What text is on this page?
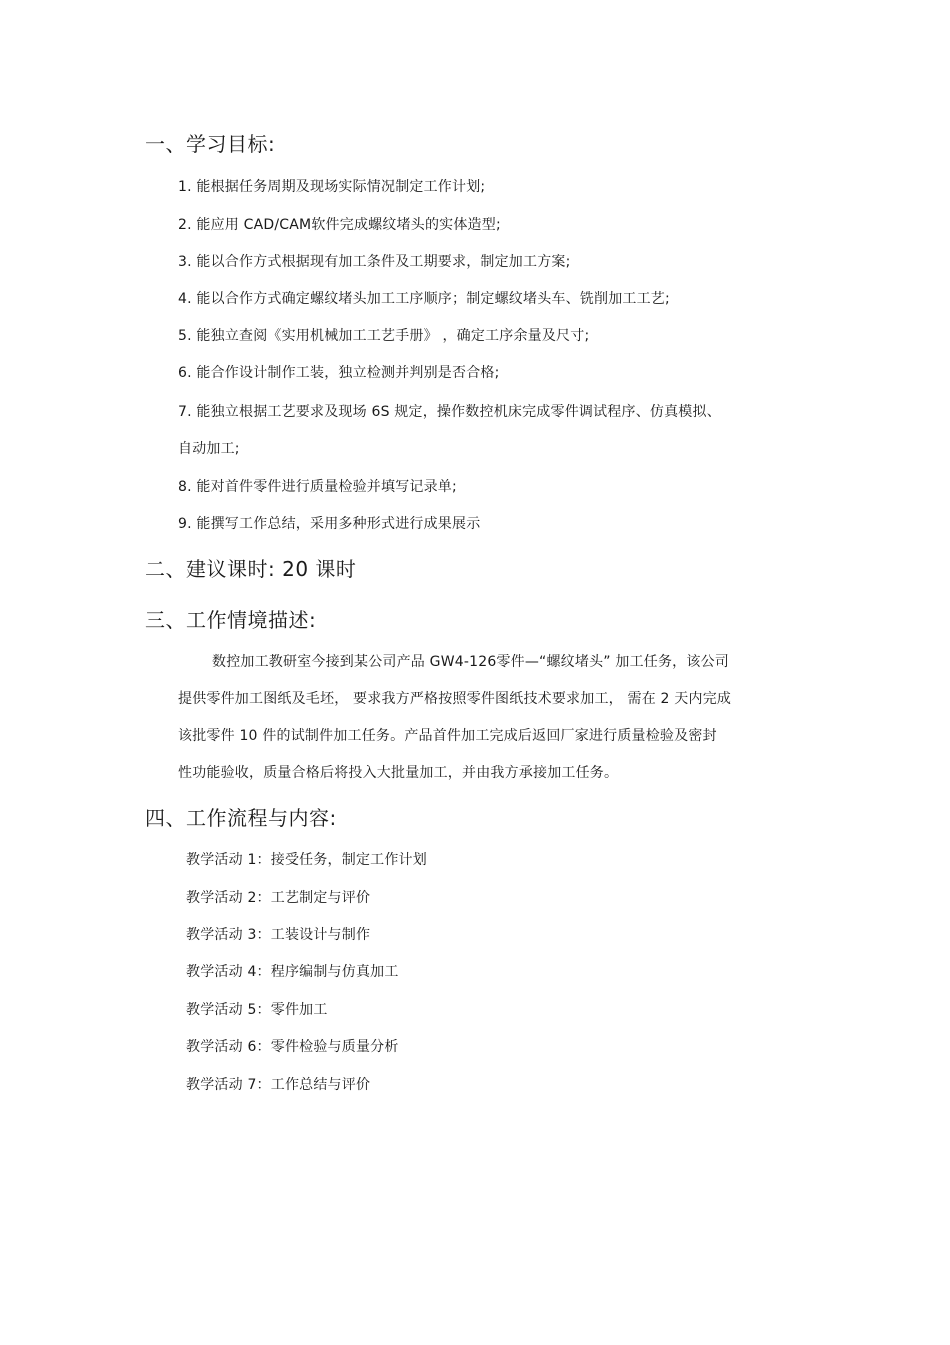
一、学习目标:
1. 能根据任务周期及现场实际情况制定工作计划;
2. 能应用 CAD/CAM软件完成螺纹堵头的实体造型;
3. 能以合作方式根据现有加工条件及工期要求，制定加工方案;
4. 能以合作方式确定螺纹堵头加工工序顺序；制定螺纹堵头车、铣削加工工艺;
5. 能独立查阅《实用机械加工工艺手册》 ，确定工序余量及尺寸;
6. 能合作设计制作工装，独立检测并判别是否合格;
7. 能独立根据工艺要求及现场 6S 规定，操作数控机床完成零件调试程序、仿真模拟、
自动加工;
8. 能对首件零件进行质量检验并填写记录单;
9. 能撰写工作总结，采用多种形式进行成果展示
二、建议课时: 20 课时
三、工作情境描述:
数控加工教研室今接到某公司产品 GW4-126零件—“螺纹堵头” 加工任务，该公司
提供零件加工图纸及毛坯， 要求我方严格按照零件图纸技术要求加工， 需在 2 天内完成
该批零件 10 件的试制件加工任务。产品首件加工完成后返回厂家进行质量检验及密封
性功能验收，质量合格后将投入大批量加工，并由我方承接加工任务。
四、工作流程与内容:
教学活动 1：接受任务，制定工作计划
教学活动 2：工艺制定与评价
教学活动 3：工装设计与制作
教学活动 4：程序编制与仿真加工
教学活动 5：零件加工
教学活动 6：零件检验与质量分析
教学活动 7：工作总结与评价
